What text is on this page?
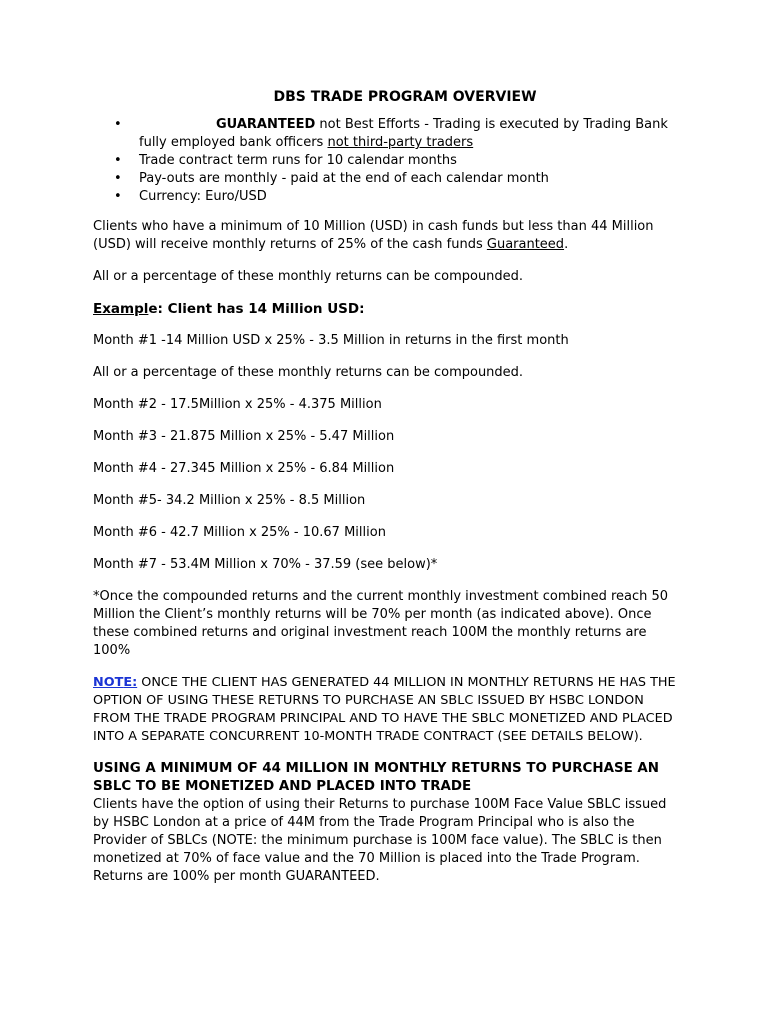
DBS TRADE PROGRAM OVERVIEW
•	GUARANTEED not Best Efforts - Trading is executed by Trading Bank fully employed bank officers not third-party traders
• Trade contract term runs for 10 calendar months
• Pay-outs are monthly - paid at the end of each calendar month
• Currency: Euro/USD

Clients who have a minimum of 10 Million (USD) in cash funds but less than 44 Million (USD) will receive monthly returns of 25% of the cash funds Guaranteed.

All or a percentage of these monthly returns can be compounded.

Example: Client has 14 Million USD:

Month #1 -14 Million USD x 25% - 3.5 Million in returns in the first month

All or a percentage of these monthly returns can be compounded.

Month #2 - 17.5Million x 25% - 4.375 Million

Month #3 - 21.875 Million x 25% - 5.47 Million

Month #4 - 27.345 Million x 25% - 6.84 Million

Month #5- 34.2 Million x 25% - 8.5 Million

Month #6 - 42.7 Million x 25% - 10.67 Million

Month #7 - 53.4M Million x 70% - 37.59 (see below)*

*Once the compounded returns and the current monthly investment combined reach 50 Million the Client’s monthly returns will be 70% per month (as indicated above). Once these combined returns and original investment reach 100M the monthly returns are 100%

NOTE: ONCE THE CLIENT HAS GENERATED 44 MILLION IN MONTHLY RETURNS HE HAS THE OPTION OF USING THESE RETURNS TO PURCHASE AN SBLC ISSUED BY HSBC LONDON FROM THE TRADE PROGRAM PRINCIPAL AND TO HAVE THE SBLC MONETIZED AND PLACED INTO A SEPARATE CONCURRENT 10-MONTH TRADE CONTRACT (SEE DETAILS BELOW).

USING A MINIMUM OF 44 MILLION IN MONTHLY RETURNS TO PURCHASE AN SBLC TO BE MONETIZED AND PLACED INTO TRADE

Clients have the option of using their Returns to purchase 100M Face Value SBLC issued by HSBC London at a price of 44M from the Trade Program Principal who is also the Provider of SBLCs (NOTE: the minimum purchase is 100M face value). The SBLC is then monetized at 70% of face value and the 70 Million is placed into the Trade Program. Returns are 100% per month GUARANTEED.
